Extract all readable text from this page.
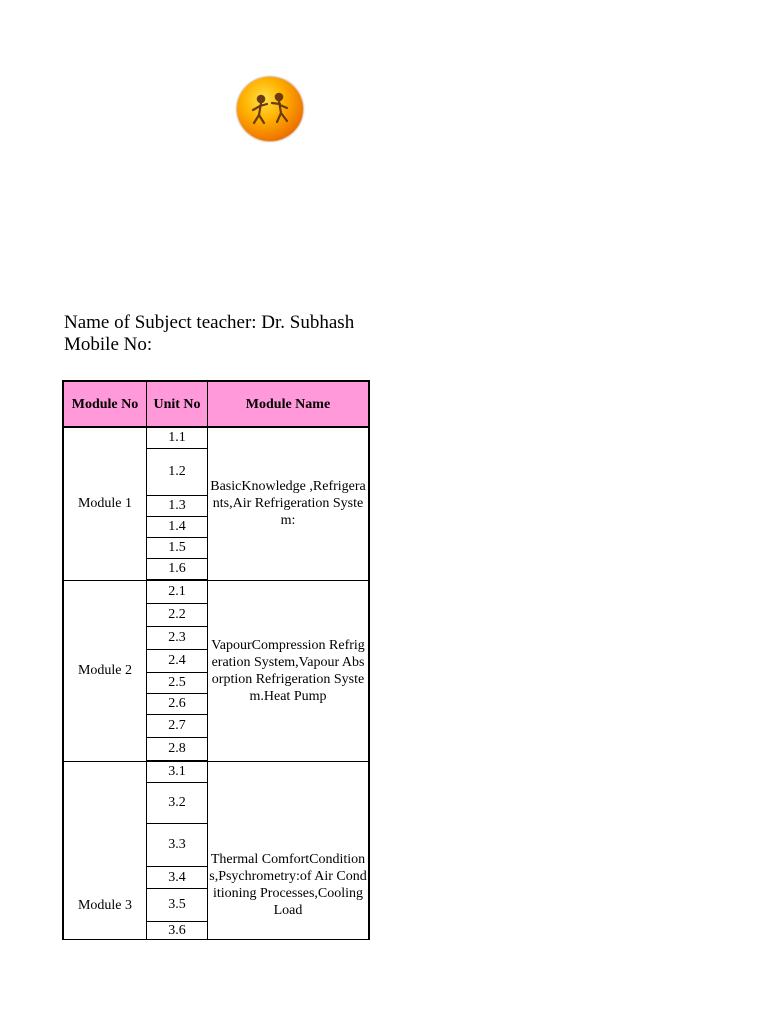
Name of Subject teacher: Dr. Subhash
Mobile No:
Module No	Unit No	Module Name
Module 1	1.1	BasicKnowledge ,Refrigerants,Air Refrigeration System:
	1.2	
	1.3	
	1.4	
	1.5	
	1.6	
Module 2	2.1	VapourCompression Refrigeration System,Vapour Absorption Refrigeration System.Heat Pump
	2.2	
	2.3	
	2.4	
	2.5	
	2.6	
	2.7	
	2.8	
Module 3	3.1	Thermal ComfortConditions,Psychrometry:of Air Conditioning Processes,Cooling Load
	3.2	
	3.3	
	3.4	
	3.5	
	3.6	
